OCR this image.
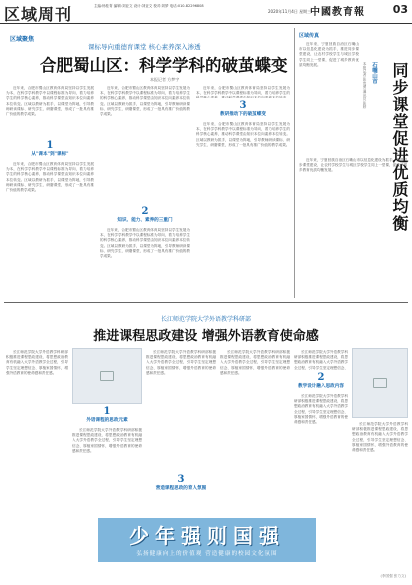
区域周刊	主编:杨桂青 编辑:刘亚文 设计:刘亚文 校对:刘梦 电话:010-82296808
2020年11月4日 星期三
中國教育報	03
区域聚焦
课标导向重德育课堂 核心素养深入渗透
合肥蜀山区：科学学科的破茧蝶变
本报记者 方梦宇

近年来，合肥市蜀山区教育体育局坚持以学生发展为本，在科学学科教学中以课程标准为导向，着力培养学生的科学核心素养，推动科学课堂由知识本位向素养本位转变。区域以教研为抓手，以课堂为阵地，引导教师研读课标、研究学生、研磨课堂，形成了一批具有推广价值的教学成果。

1
从"课本"到"课标"

近年来，合肥市蜀山区教育体育局坚持以学生发展为本，在科学学科教学中以课程标准为导向，着力培养学生的科学核心素养，推动科学课堂由知识本位向素养本位转变。区域以教研为抓手，以课堂为阵地，引导教师研读课标、研究学生、研磨课堂，形成了一批具有推广价值的教学成果。

近年来，合肥市蜀山区教育体育局坚持以学生发展为本，在科学学科教学中以课程标准为导向，着力培养学生的科学核心素养，推动科学课堂由知识本位向素养本位转变。区域以教研为抓手，以课堂为阵地，引导教师研读课标、研究学生、研磨课堂，形成了一批具有推广价值的教学成果。

2
知识、能力、素养的三重门

近年来，合肥市蜀山区教育体育局坚持以学生发展为本，在科学学科教学中以课程标准为导向，着力培养学生的科学核心素养，推动科学课堂由知识本位向素养本位转变。区域以教研为抓手，以课堂为阵地，引导教师研读课标、研究学生、研磨课堂，形成了一批具有推广价值的教学成果。

近年来，合肥市蜀山区教育体育局坚持以学生发展为本，在科学学科教学中以课程标准为导向，着力培养学生的

3
教研推动下的破茧蝶变

近年来，合肥市蜀山区教育体育局坚持以学生发展为本，在科学学科教学中以课程标准为导向，着力培养学生的科学核心素养，推动科学课堂由知识本位向素养本位转变。区域以教研为抓手，以课堂为阵地，引导教师研读课标、研究学生、研磨课堂，形成了一批具有推广价值的教学成果。

区域传真
同步课堂促进优质均衡
石嘴山市
本报记者 张贵勇 通讯员 张婷

近年来，宁夏回族自治区石嘴山市以信息化建设为抓手，推进同步课堂建设，让农村学校学生与城区学校学生同上一堂课，促进了城乡教育优质均衡发展。

近年来，宁夏回族自治区石嘴山市以信息化建设为抓手，推进同步课堂建设，让农村学校学生与城区学校学生同上一堂课，促进了城乡教育优质均衡发展。

长江师范学院大学外语教学科研部
推进课程思政建设 增强外语教育使命感

长江师范学院大学外语教学科研部积极推进课程思政建设，将思想政治教育有机融入大学外语教学全过程，引导学生坚定理想信念、厚植家国情怀，增强外语教育的使命感和责任感。

1
外语课程的思政元素

长江师范学院大学外语教学科研部积极推进课程思政建设，将思想政治教育有机融入大学外语教学全过程，引导学生坚定理想信念、厚植家国情怀，增强外语教育的使命感和责任感。

长江师范学院大学外语教学科研部积极推进课程思政建设，将思想政治教育有机融入大学外语教学全过程，引导学生坚定理想信念、厚植家国情怀，增强外语教育的使命感和责任感。

3
营造课程思政的育人氛围

长江师范学院大学外语教学科研部积极推进课程思政建设，将思想政治教育有机融入大学外语教学全过程，引导学生坚定理想信念、厚植家国情怀，增强外语教育的使命感和责任感。

长江师范学院大学外语教学科研部积极推进课程思政建设，将思想政治教育有机融入大学外语教学全过程，引导学生坚定理想信念、

2
教学设计融入思政内容

长江师范学院大学外语教学科研部积极推进课程思政建设，将思想政治教育有机融入大学外语教学全过程，引导学生坚定理想信念、厚植家国情怀，增强外语教育的使命感和责任感。	长江师范学院大学外语教学科研部积极推进课程思政建设，将思想政治教育有机融入大学外语教学全过程，引导学生坚定理想信念、厚植家国情怀，增强外语教育的使命感和责任感。

少年强则国强
弘扬健康向上的价值观 营造健康的校园文化氛围
(李国强 张力文)
